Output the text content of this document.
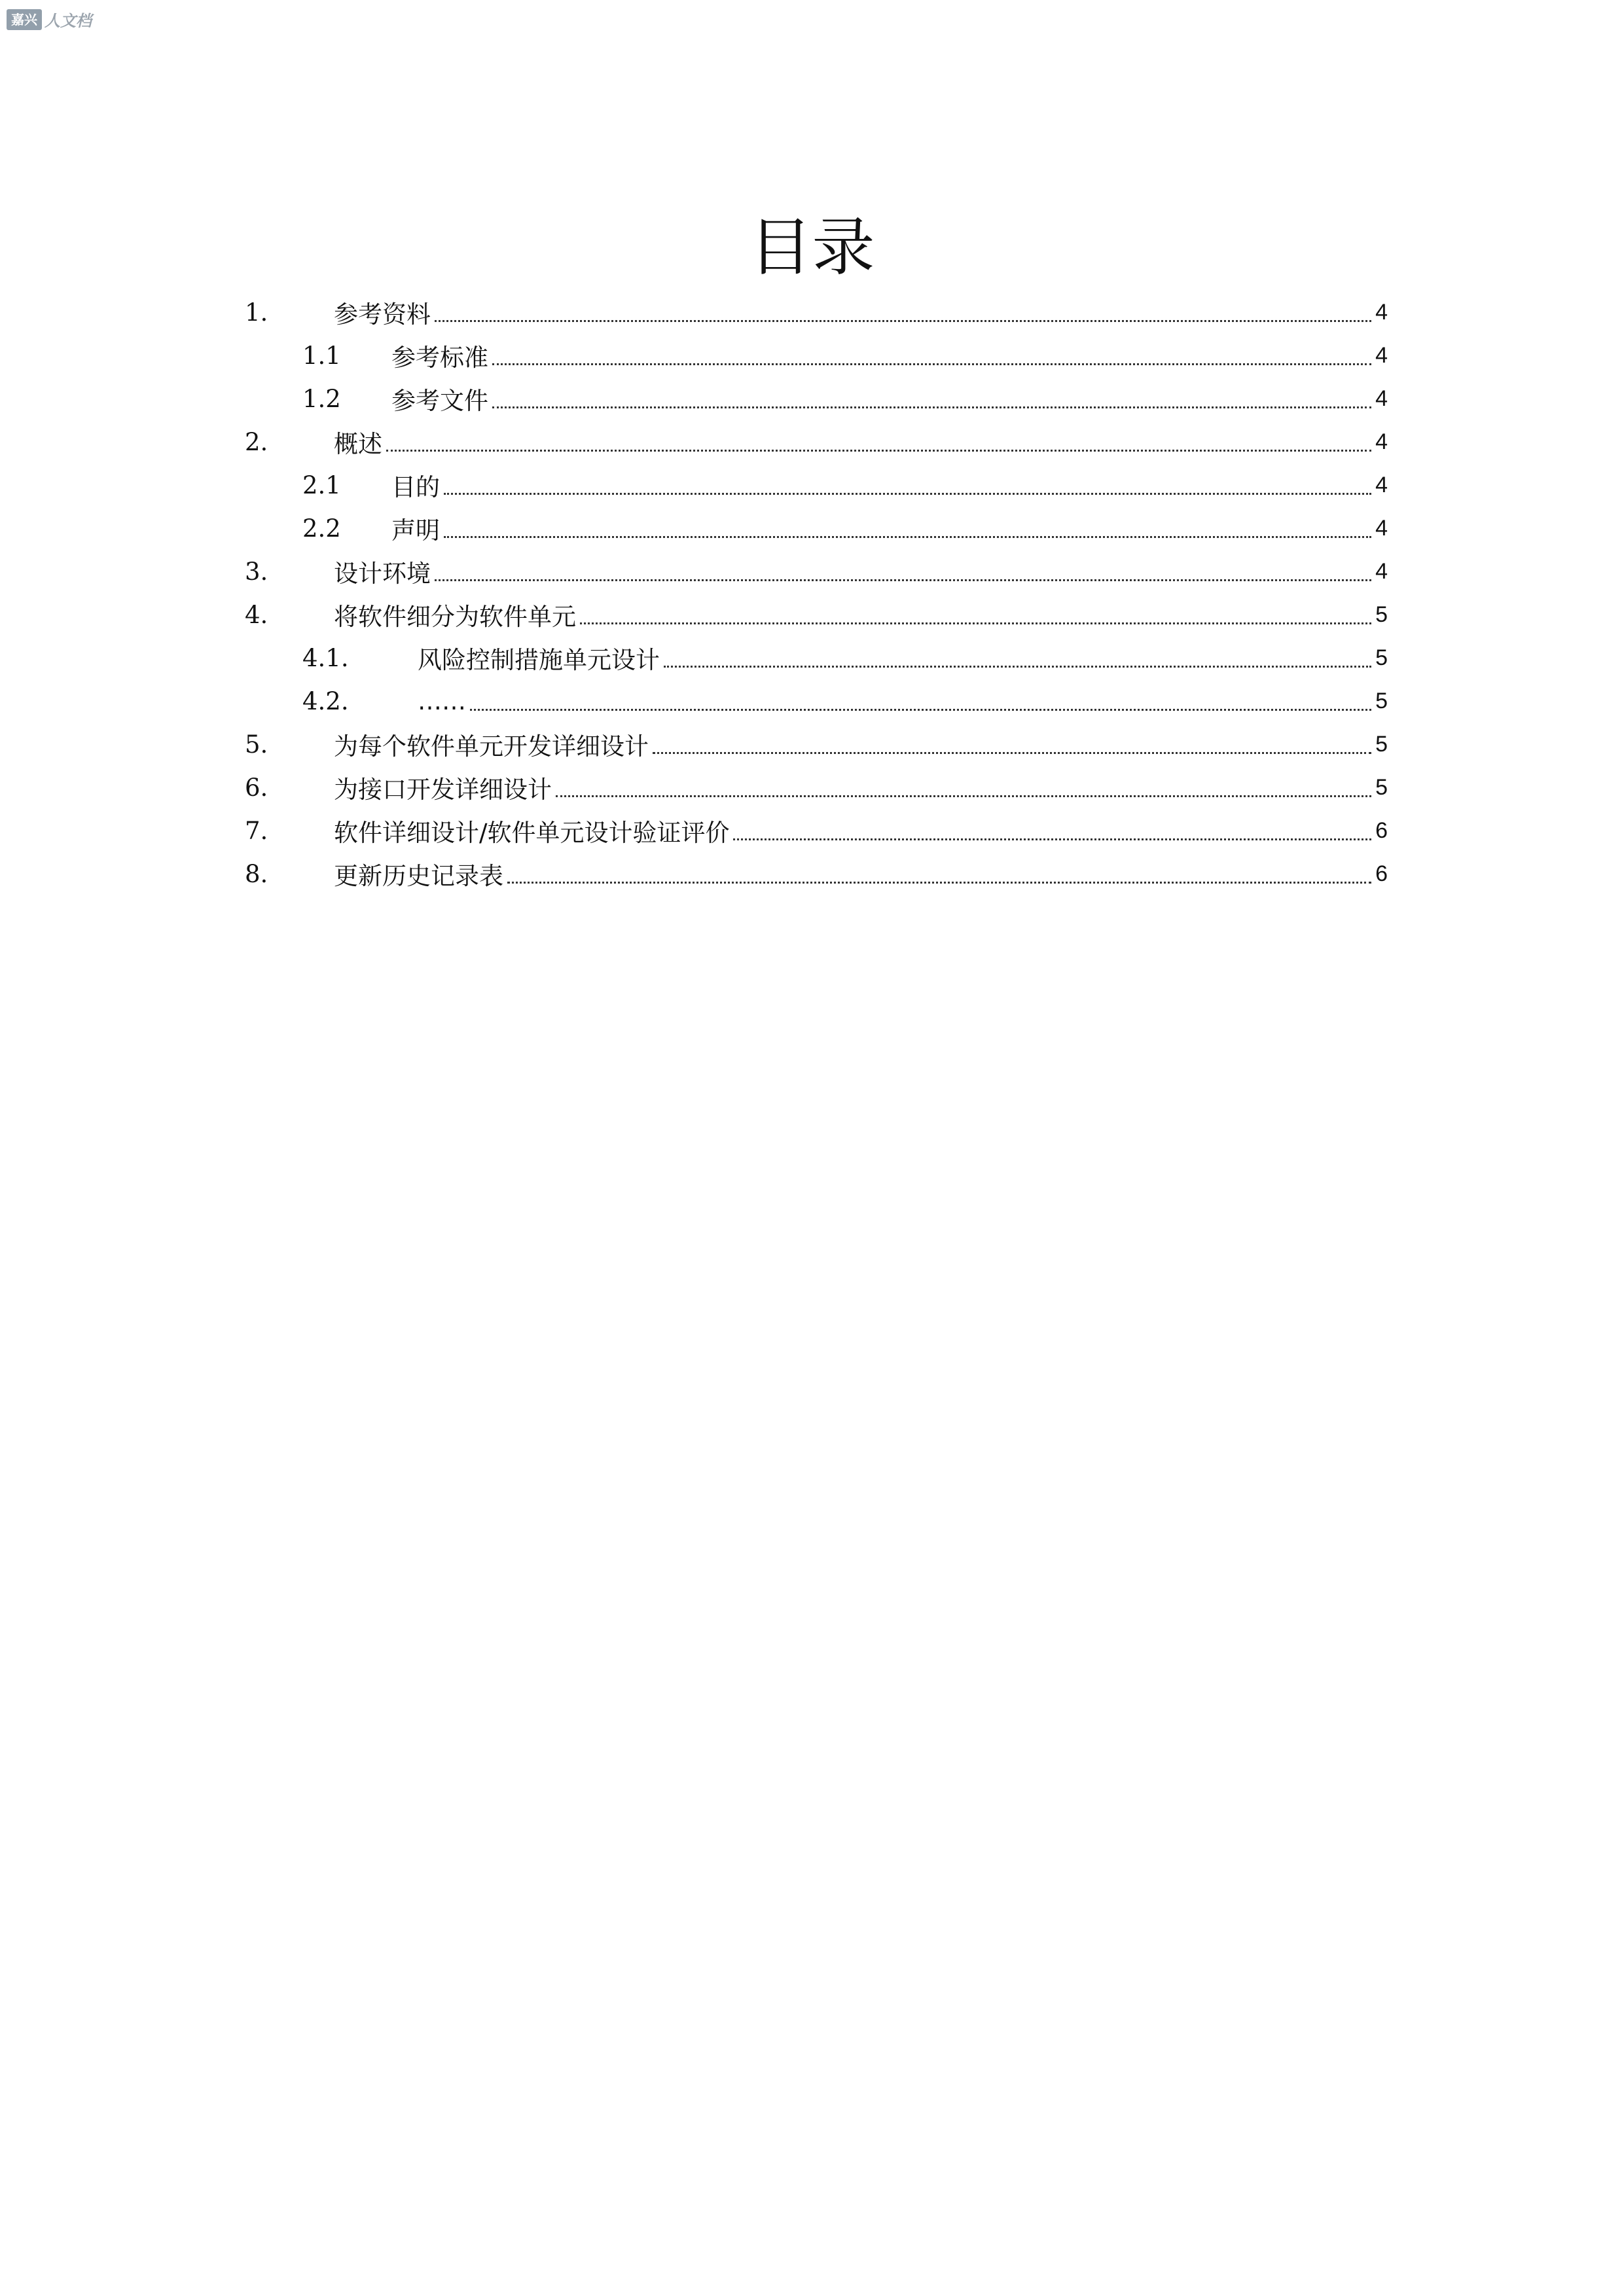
嘉兴 人文档
目录
1.	参考资料	4
1.1	参考标准	4
1.2	参考文件	4
2.	概述	4
2.1	目的	4
2.2	声明	4
3.	设计环境	4
4.	将软件细分为软件单元	5
4.1.	风险控制措施单元设计	5
4.2.	……	5
5.	为每个软件单元开发详细设计	5
6.	为接口开发详细设计	5
7.	软件详细设计/软件单元设计验证评价	6
8.	更新历史记录表	6
